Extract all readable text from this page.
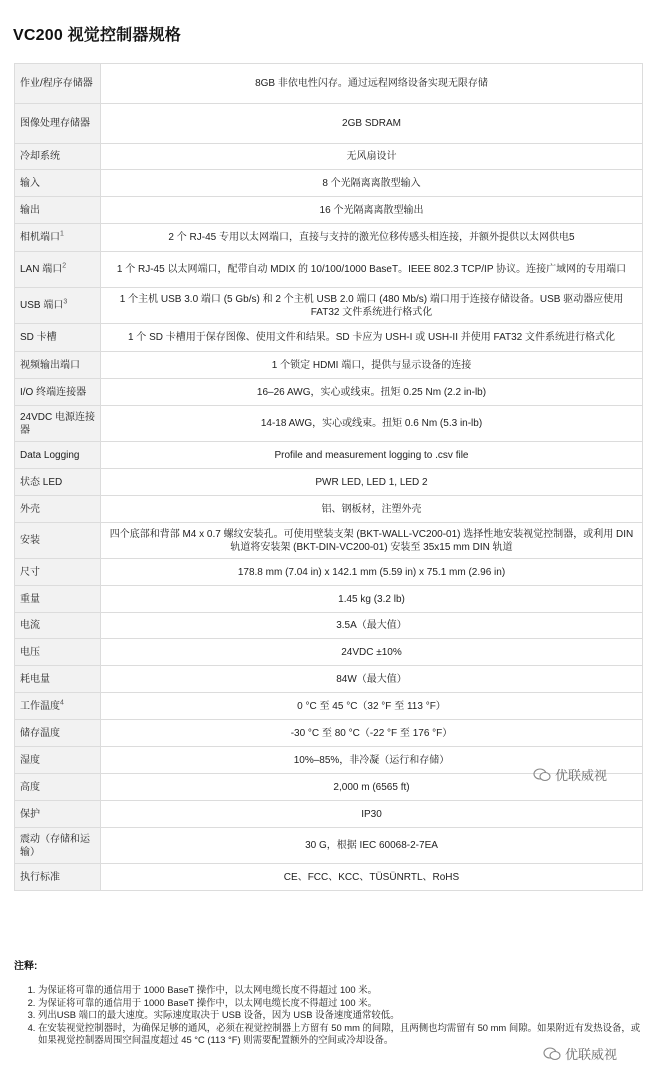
VC200 视觉控制器规格
作业/程序存储器	8GB 非依电性闪存。通过远程网络设备实现无限存储
图像处理存储器	2GB SDRAM
冷却系统	无风扇设计
输入	8 个光隔离离散型输入
输出	16 个光隔离离散型输出
相机端口$^1$	2 个 RJ-45 专用以太网端口，直接与支持的激光位移传感头相连接，并额外提供以太网供电5
LAN 端口$^2$	1 个 RJ-45 以太网端口，配带自动 MDIX 的 10/100/1000 BaseT。IEEE 802.3 TCP/IP 协议。连接广域网的专用端口
USB 端口$^3$	1 个主机 USB 3.0 端口 (5 Gb/s) 和 2 个主机 USB 2.0 端口 (480 Mb/s) 端口用于连接存储设备。USB 驱动器应使用 FAT32 文件系统进行格式化
SD 卡槽	1 个 SD 卡槽用于保存图像、使用文件和结果。SD 卡应为 USH-I 或 USH-II 并使用 FAT32 文件系统进行格式化
视频输出端口	1 个锁定 HDMI 端口，提供与显示设备的连接
I/O 终端连接器	16–26 AWG，实心或线束。扭矩 0.25 Nm (2.2 in-lb)
24VDC 电源连接器	14-18 AWG，实心或线束。扭矩 0.6 Nm (5.3 in-lb)
Data Logging	Profile and measurement logging to .csv file
状态 LED	PWR LED, LED 1, LED 2
外壳	铝、钢板材，注塑外壳
安装	四个底部和背部 M4 x 0.7 螺纹安装孔。可使用壁装支架 (BKT-WALL-VC200-01) 选择性地安装视觉控制器，或利用 DIN 轨道将安装架 (BKT-DIN-VC200-01) 安装至 35x15 mm DIN 轨道
尺寸	178.8 mm (7.04 in) x 142.1 mm (5.59 in) x 75.1 mm (2.96 in)
重量	1.45 kg (3.2 lb)
电流	3.5A（最大值）
电压	24VDC ±10%
耗电量	84W（最大值）
工作温度$^4$	0 °C 至 45 °C（32 °F 至 113 °F）
储存温度	-30 °C 至 80 °C（-22 °F 至 176 °F）
湿度	10%–85%，非冷凝（运行和存储）
高度	2,000 m (6565 ft)
保护	IP30
震动（存储和运输）	30 G，根据 IEC 60068-2-7EA
执行标准	CE、FCC、KCC、TÜSÜNRTL、RoHS
注释:
1. 为保证将可靠的通信用于 1000 BaseT 操作中，以太网电缆长度不得超过 100 米。
2. 为保证将可靠的通信用于 1000 BaseT 操作中，以太网电缆长度不得超过 100 米。
3. 列出USB 端口的最大速度。实际速度取决于 USB 设备，因为 USB 设备速度通常较低。
4. 在安装视觉控制器时，为确保足够的通风，必须在视觉控制器上方留有 50 mm 的间隙，且两侧也均需留有 50 mm 间隙。如果附近有发热设备，或如果视觉控制器周围空间温度超过 45 °C (113 °F) 则需要配置额外的空间或冷却设备。
优联威视
优联威视
